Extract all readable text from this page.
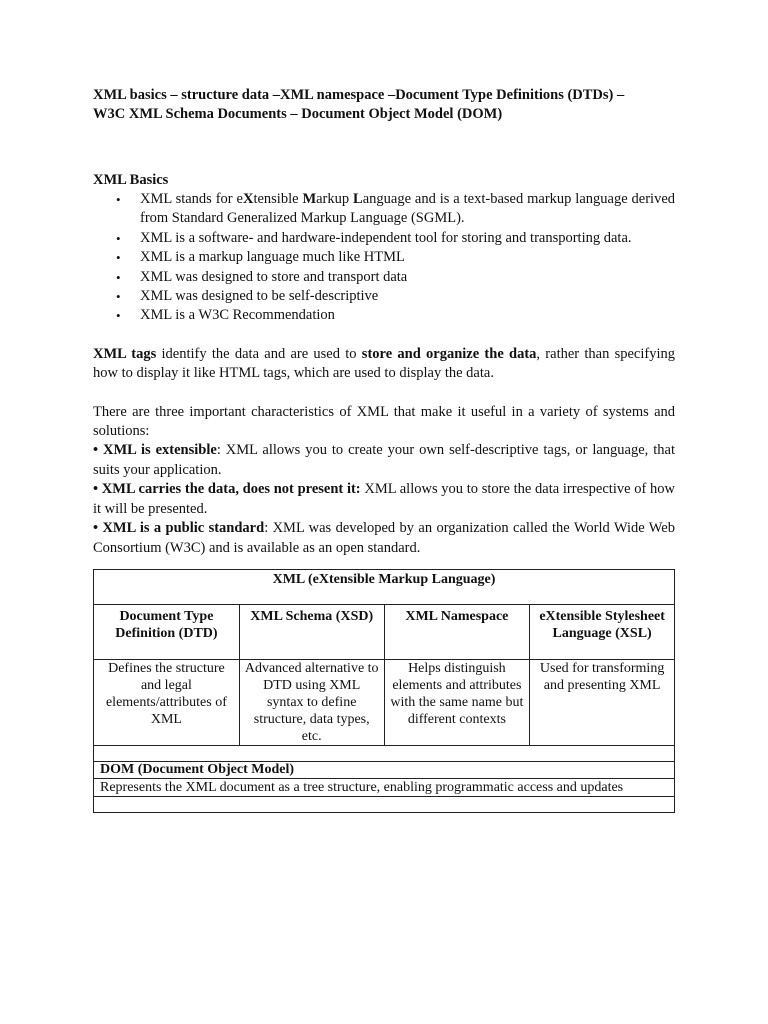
XML basics – structure data –XML namespace –Document Type Definitions (DTDs) –
W3C XML Schema Documents – Document Object Model (DOM)
XML Basics
• XML stands for eXtensible Markup Language and is a text-based markup language derived from Standard Generalized Markup Language (SGML).
• XML is a software- and hardware-independent tool for storing and transporting data.
• XML is a markup language much like HTML
• XML was designed to store and transport data
• XML was designed to be self-descriptive
• XML is a W3C Recommendation

XML tags identify the data and are used to store and organize the data, rather than specifying how to display it like HTML tags, which are used to display the data.

There are three important characteristics of XML that make it useful in a variety of systems and solutions:

• XML is extensible: XML allows you to create your own self-descriptive tags, or language, that suits your application.

• XML carries the data, does not present it: XML allows you to store the data irrespective of how it will be presented.

• XML is a public standard: XML was developed by an organization called the World Wide Web Consortium (W3C) and is available as an open standard.

XML (eXtensible Markup Language)			
Document Type Definition (DTD)	XML Schema (XSD)	XML Namespace	eXtensible Stylesheet Language (XSL)
Defines the structure and legal elements/attributes of XML	Advanced alternative to DTD using XML syntax to define structure, data types, etc.	Helps distinguish elements and attributes with the same name but different contexts	Used for transforming and presenting XML

DOM (Document Object Model)			
Represents the XML document as a tree structure, enabling programmatic access and updates			
